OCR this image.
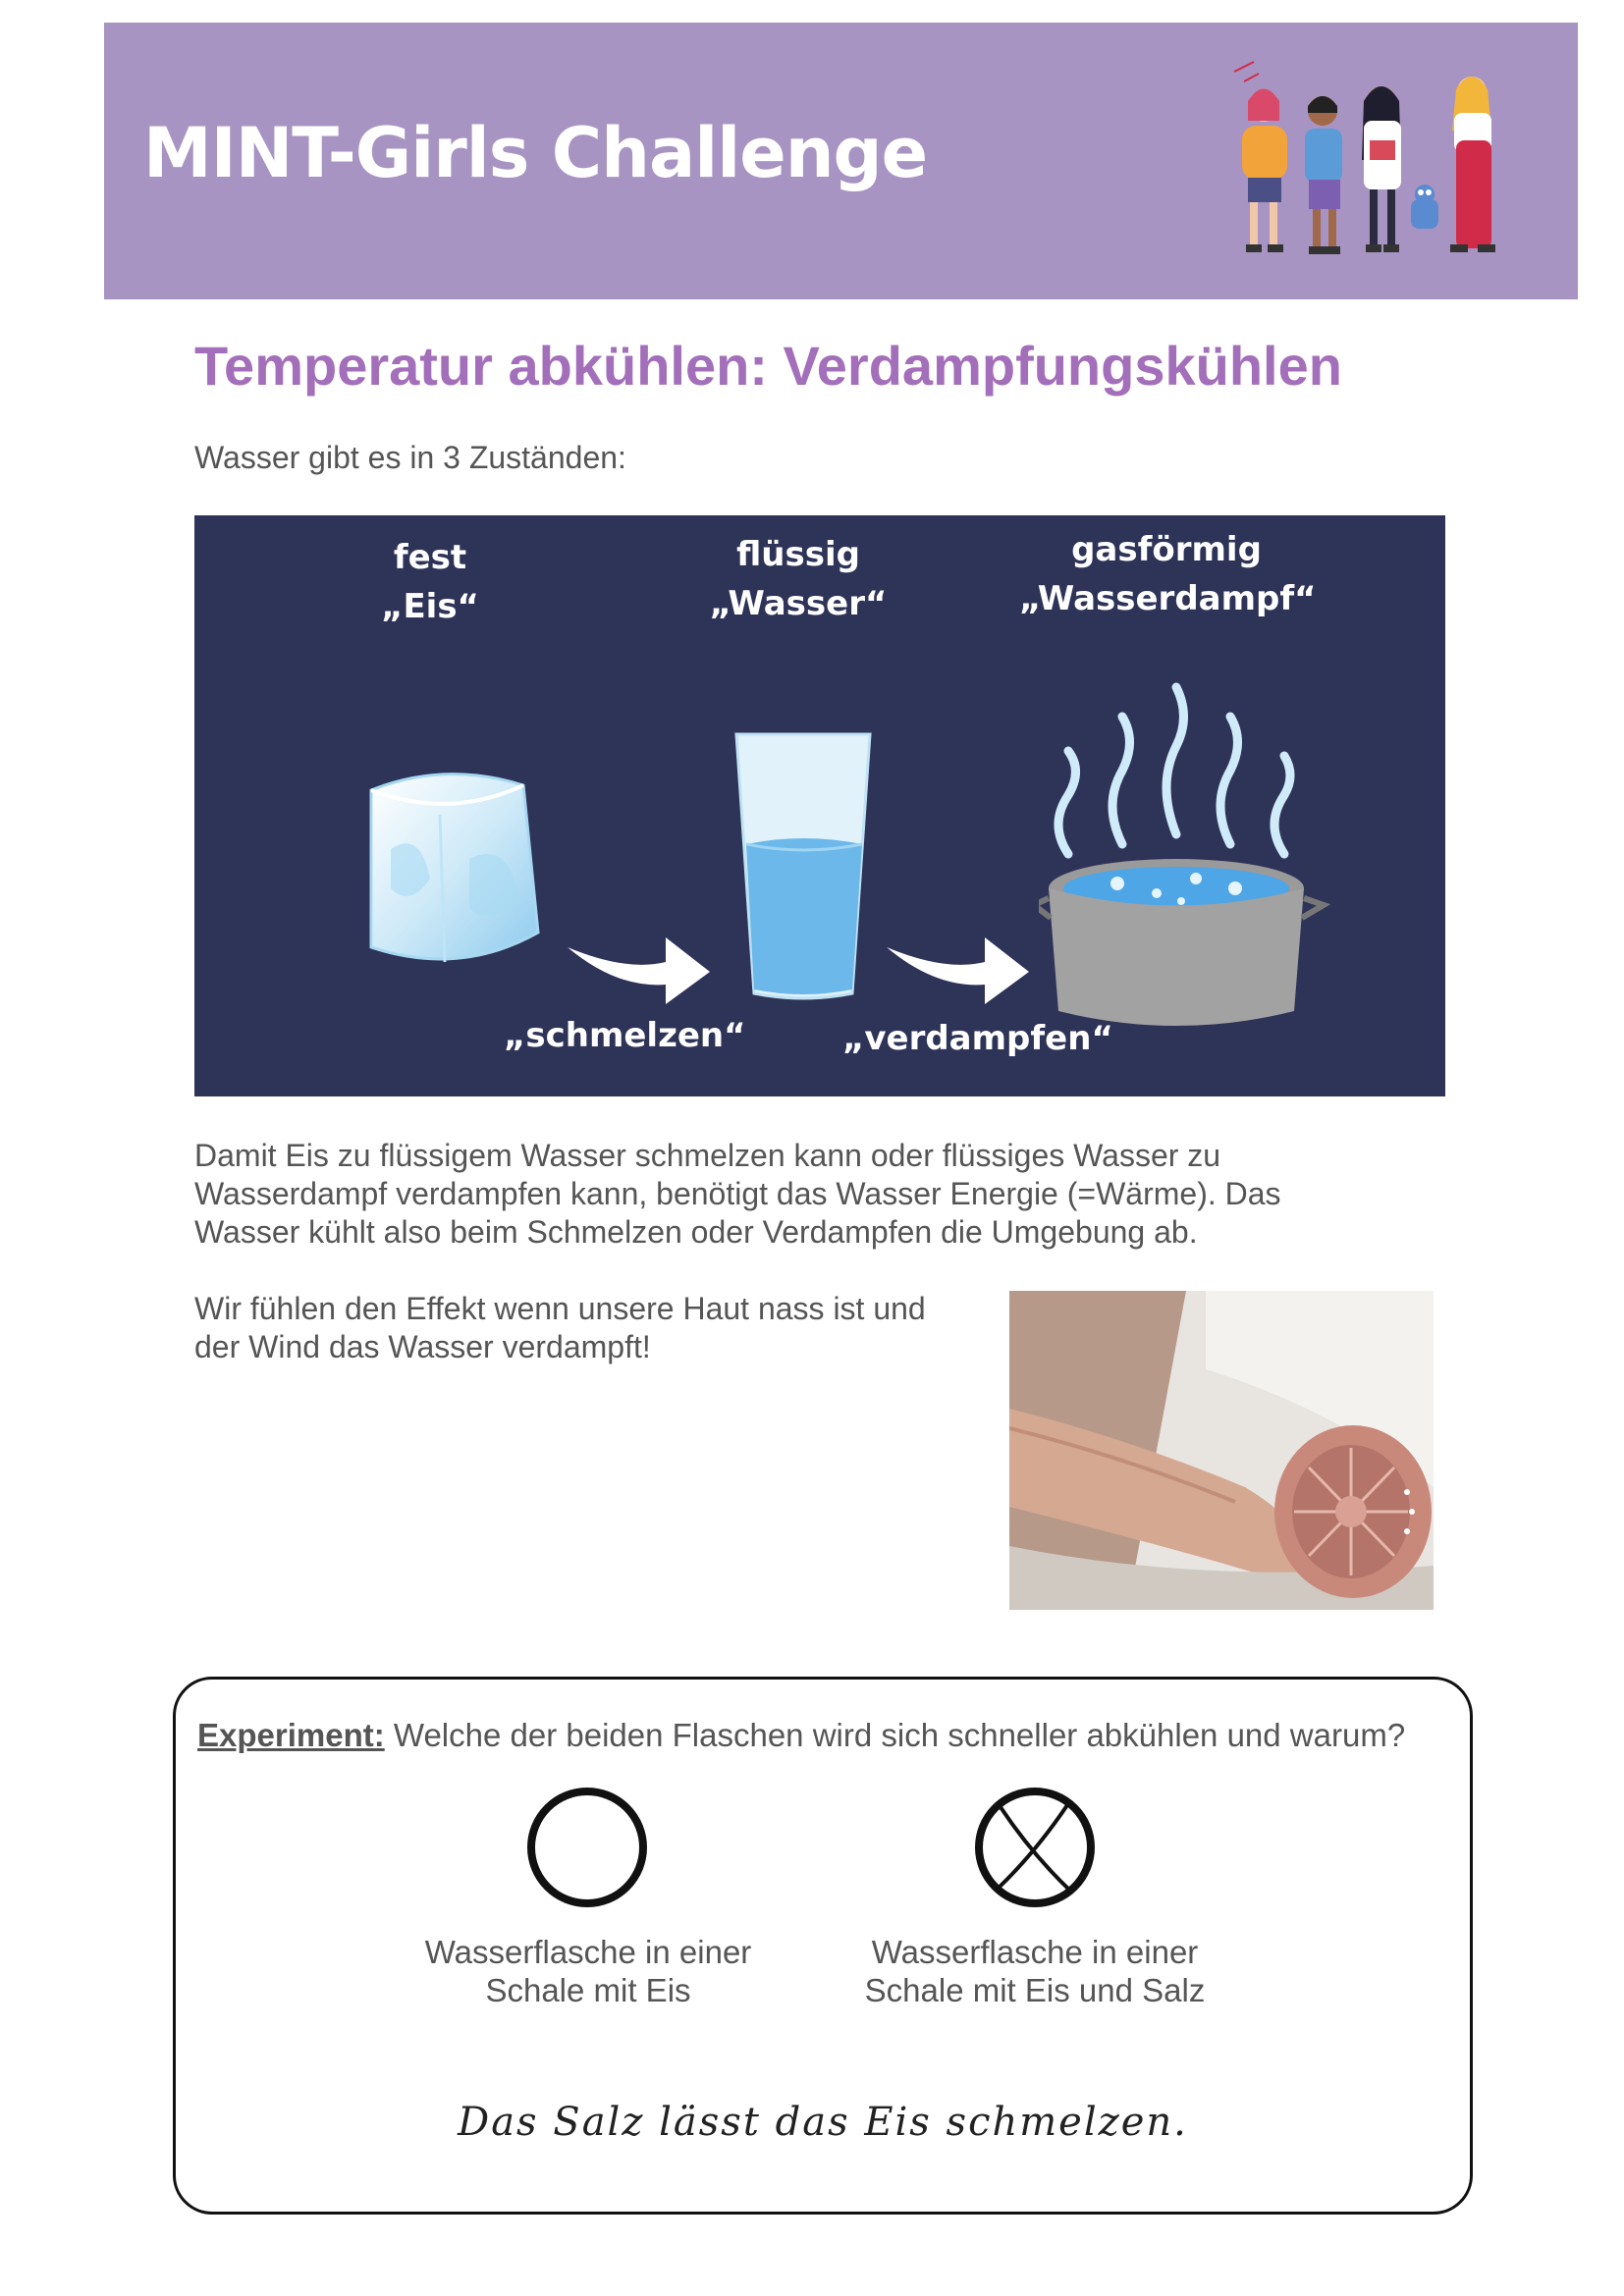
MINT-Girls Challenge
Temperatur abkühlen: Verdampfungskühlen
Wasser gibt es in 3 Zuständen:
fest
„Eis“
flüssig
„Wasser“
gasförmig
„Wasserdampf“
„schmelzen“	„verdampfen“
Damit Eis zu flüssigem Wasser schmelzen kann oder flüssiges Wasser zu
Wasserdampf verdampfen kann, benötigt das Wasser Energie (=Wärme). Das
Wasser kühlt also beim Schmelzen oder Verdampfen die Umgebung ab.
Wir fühlen den Effekt wenn unsere Haut nass ist und
der Wind das Wasser verdampft!
Experiment: Welche der beiden Flaschen wird sich schneller abkühlen und warum?
Wasserflasche in einer
Schale mit Eis
Wasserflasche in einer
Schale mit Eis und Salz
Das Salz lässt das Eis schmelzen.
